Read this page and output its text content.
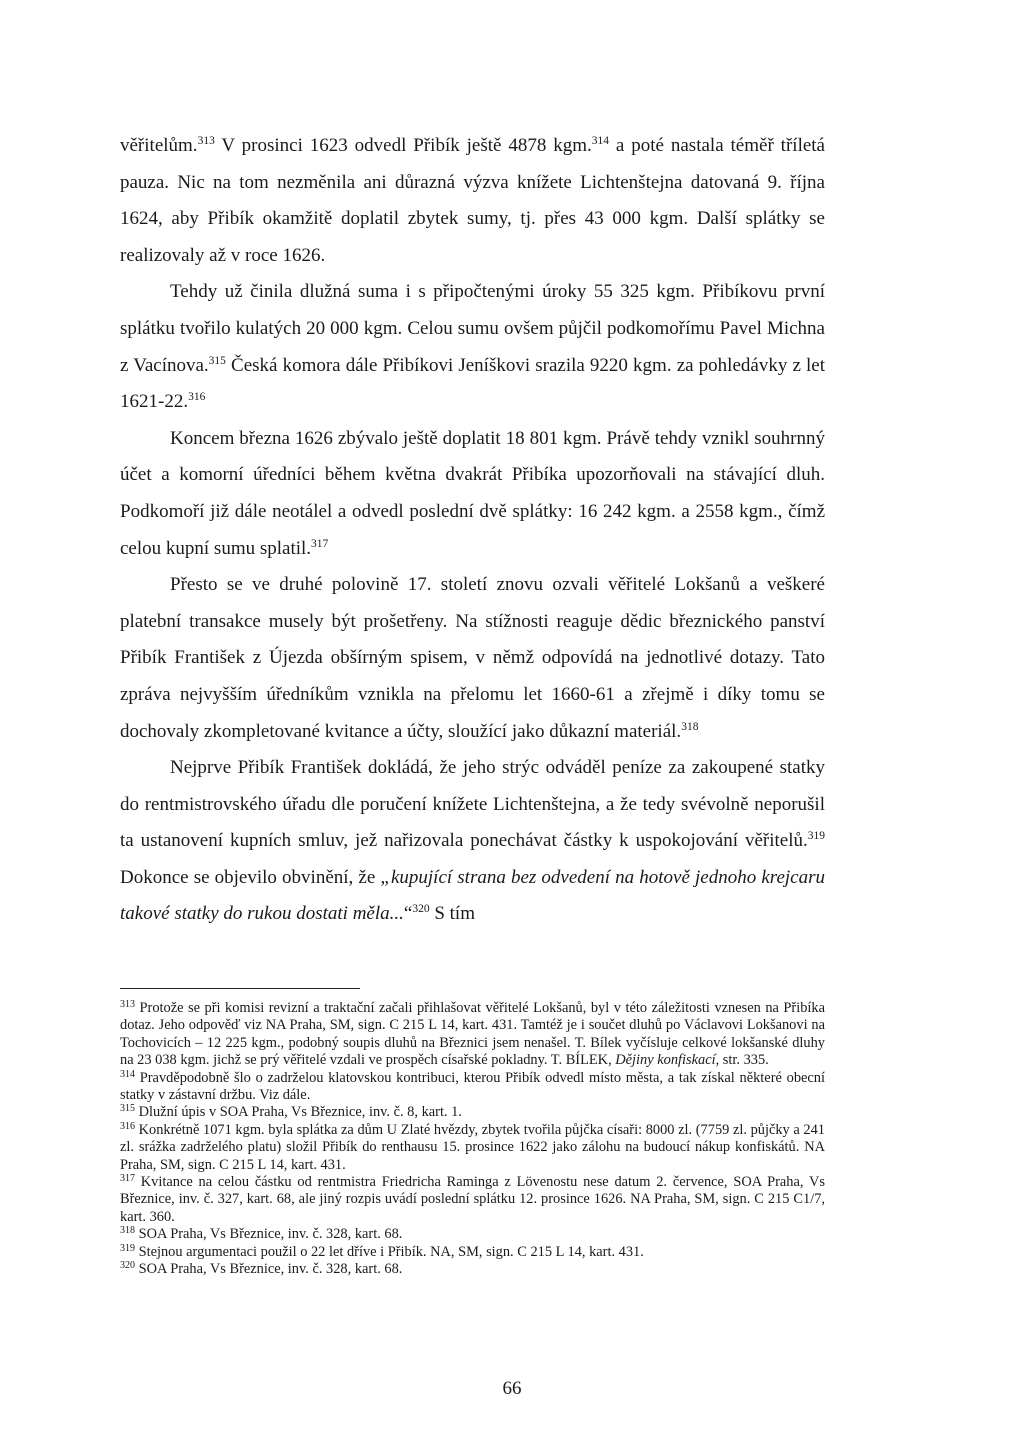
věřitelům.$^{313}$ V prosinci 1623 odvedl Přibík ještě 4878 kgm.$^{314}$ a poté nastala téměř tříletá pauza. Nic na tom nezměnila ani důrazná výzva knížete Lichtenštejna datovaná 9. října 1624, aby Přibík okamžitě doplatil zbytek sumy, tj. přes 43 000 kgm. Další splátky se realizovaly až v roce 1626.

Tehdy už činila dlužná suma i s připočtenými úroky 55 325 kgm. Přibíkovu první splátku tvořilo kulatých 20 000 kgm. Celou sumu ovšem půjčil podkomořímu Pavel Michna z Vacínova.$^{315}$ Česká komora dále Přibíkovi Jeníškovi srazila 9220 kgm. za pohledávky z let 1621-22.$^{316}$

Koncem března 1626 zbývalo ještě doplatit 18 801 kgm. Právě tehdy vznikl souhrnný účet a komorní úředníci během května dvakrát Přibíka upozorňovali na stávající dluh. Podkomoří již dále neotálel a odvedl poslední dvě splátky: 16 242 kgm. a 2558 kgm., čímž celou kupní sumu splatil.$^{317}$

Přesto se ve druhé polovině 17. století znovu ozvali věřitelé Lokšanů a veškeré platební transakce musely být prošetřeny. Na stížnosti reaguje dědic březnického panství Přibík František z Újezda obšírným spisem, v němž odpovídá na jednotlivé dotazy. Tato zpráva nejvyšším úředníkům vznikla na přelomu let 1660-61 a zřejmě i díky tomu se dochovaly zkompletované kvitance a účty, sloužící jako důkazní materiál.$^{318}$

Nejprve Přibík František dokládá, že jeho strýc odváděl peníze za zakoupené statky do rentmistrovského úřadu dle poručení knížete Lichtenštejna, a že tedy svévolně neporušil ta ustanovení kupních smluv, jež nařizovala ponechávat částky k uspokojování věřitelů.$^{319}$ Dokonce se objevilo obvinění, že „kupující strana bez odvedení na hotově jednoho krejcaru takové statky do rukou dostati měla...“$^{320}$ S tím

$^{313}$ Protože se při komisi revizní a traktační začali přihlašovat věřitelé Lokšanů, byl v této záležitosti vznesen na Přibíka dotaz. Jeho odpověď viz NA Praha, SM, sign. C 215 L 14, kart. 431. Tamtéž je i součet dluhů po Václavovi Lokšanovi na Tochovicích – 12 225 kgm., podobný soupis dluhů na Březnici jsem nenašel. T. Bílek vyčísluje celkové lokšanské dluhy na 23 038 kgm. jichž se prý věřitelé vzdali ve prospěch císařské pokladny. T. BÍLEK, Dějiny konfiskací, str. 335.

$^{314}$ Pravděpodobně šlo o zadrželou klatovskou kontribuci, kterou Přibík odvedl místo města, a tak získal některé obecní statky v zástavní držbu. Viz dále.

$^{315}$ Dlužní úpis v SOA Praha, Vs Březnice, inv. č. 8, kart. 1.

$^{316}$ Konkrétně 1071 kgm. byla splátka za dům U Zlaté hvězdy, zbytek tvořila půjčka císaři: 8000 zl. (7759 zl. půjčky a 241 zl. srážka zadrželého platu) složil Přibík do renthausu 15. prosince 1622 jako zálohu na budoucí nákup konfiskátů. NA Praha, SM, sign. C 215 L 14, kart. 431.

$^{317}$ Kvitance na celou částku od rentmistra Friedricha Raminga z Lövenostu nese datum 2. července, SOA Praha, Vs Březnice, inv. č. 327, kart. 68, ale jiný rozpis uvádí poslední splátku 12. prosince 1626. NA Praha, SM, sign. C 215 C1/7, kart. 360.

$^{318}$ SOA Praha, Vs Březnice, inv. č. 328, kart. 68.

$^{319}$ Stejnou argumentaci použil o 22 let dříve i Přibík. NA, SM, sign. C 215 L 14, kart. 431.

$^{320}$ SOA Praha, Vs Březnice, inv. č. 328, kart. 68.

66
